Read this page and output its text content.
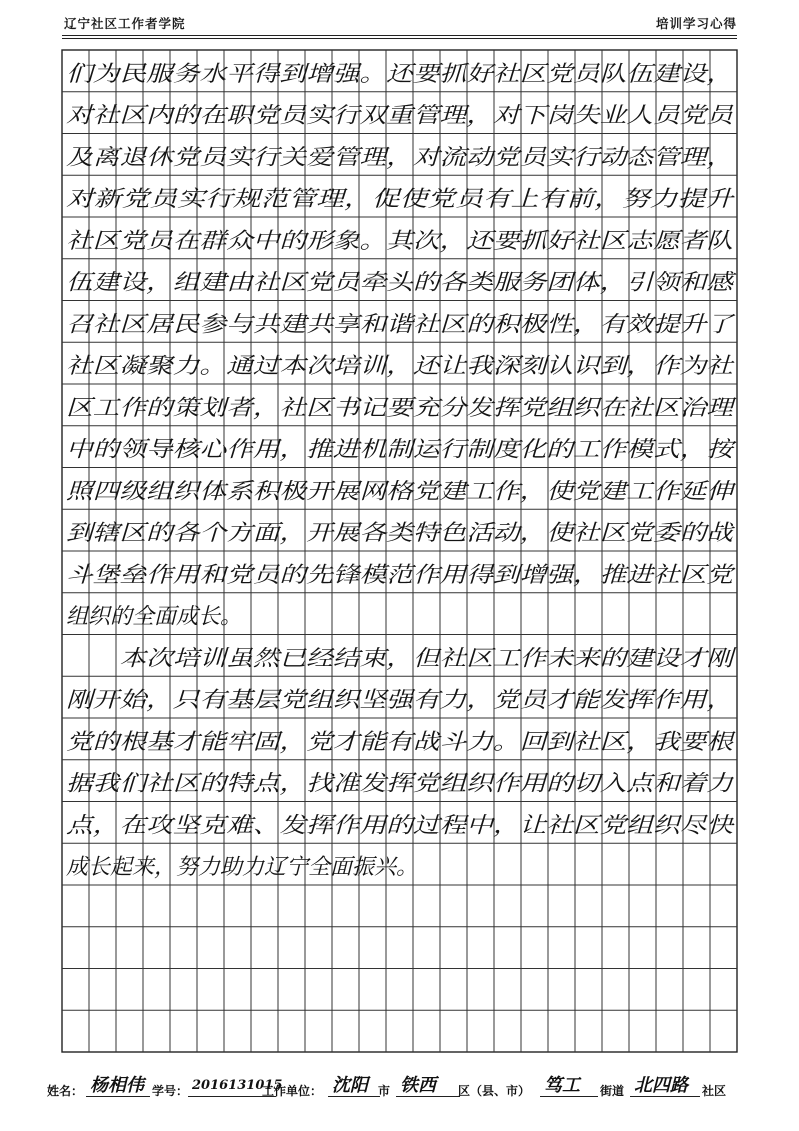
辽宁社区工作者学院	培训学习心得
们为民服务水平得到增强。还要抓好社区党员队伍建设，
对社区内的在职党员实行双重管理，对下岗失业人员党员
及离退休党员实行关爱管理，对流动党员实行动态管理，
对新党员实行规范管理，促使党员有上有前，努力提升
社区党员在群众中的形象。其次，还要抓好社区志愿者队
伍建设，组建由社区党员牵头的各类服务团体，引领和感
召社区居民参与共建共享和谐社区的积极性，有效提升了
社区凝聚力。通过本次培训，还让我深刻认识到，作为社
区工作的策划者，社区书记要充分发挥党组织在社区治理
中的领导核心作用，推进机制运行制度化的工作模式，按
照四级组织体系积极开展网格党建工作，使党建工作延伸
到辖区的各个方面，开展各类特色活动，使社区党委的战
斗堡垒作用和党员的先锋模范作用得到增强，推进社区党
组织的全面成长。
　　本次培训虽然已经结束，但社区工作未来的建设才刚
刚开始，只有基层党组织坚强有力，党员才能发挥作用，
党的根基才能牢固，党才能有战斗力。回到社区，我要根
据我们社区的特点，找准发挥党组织作用的切入点和着力
点，在攻坚克难、发挥作用的过程中，让社区党组织尽快
成长起来，努力助力辽宁全面振兴。
姓名： 杨相伟 学号： 2016131015
工作单位： 沈阳 市 铁西	区（县、市） 笃工	街道 北四路	社区
